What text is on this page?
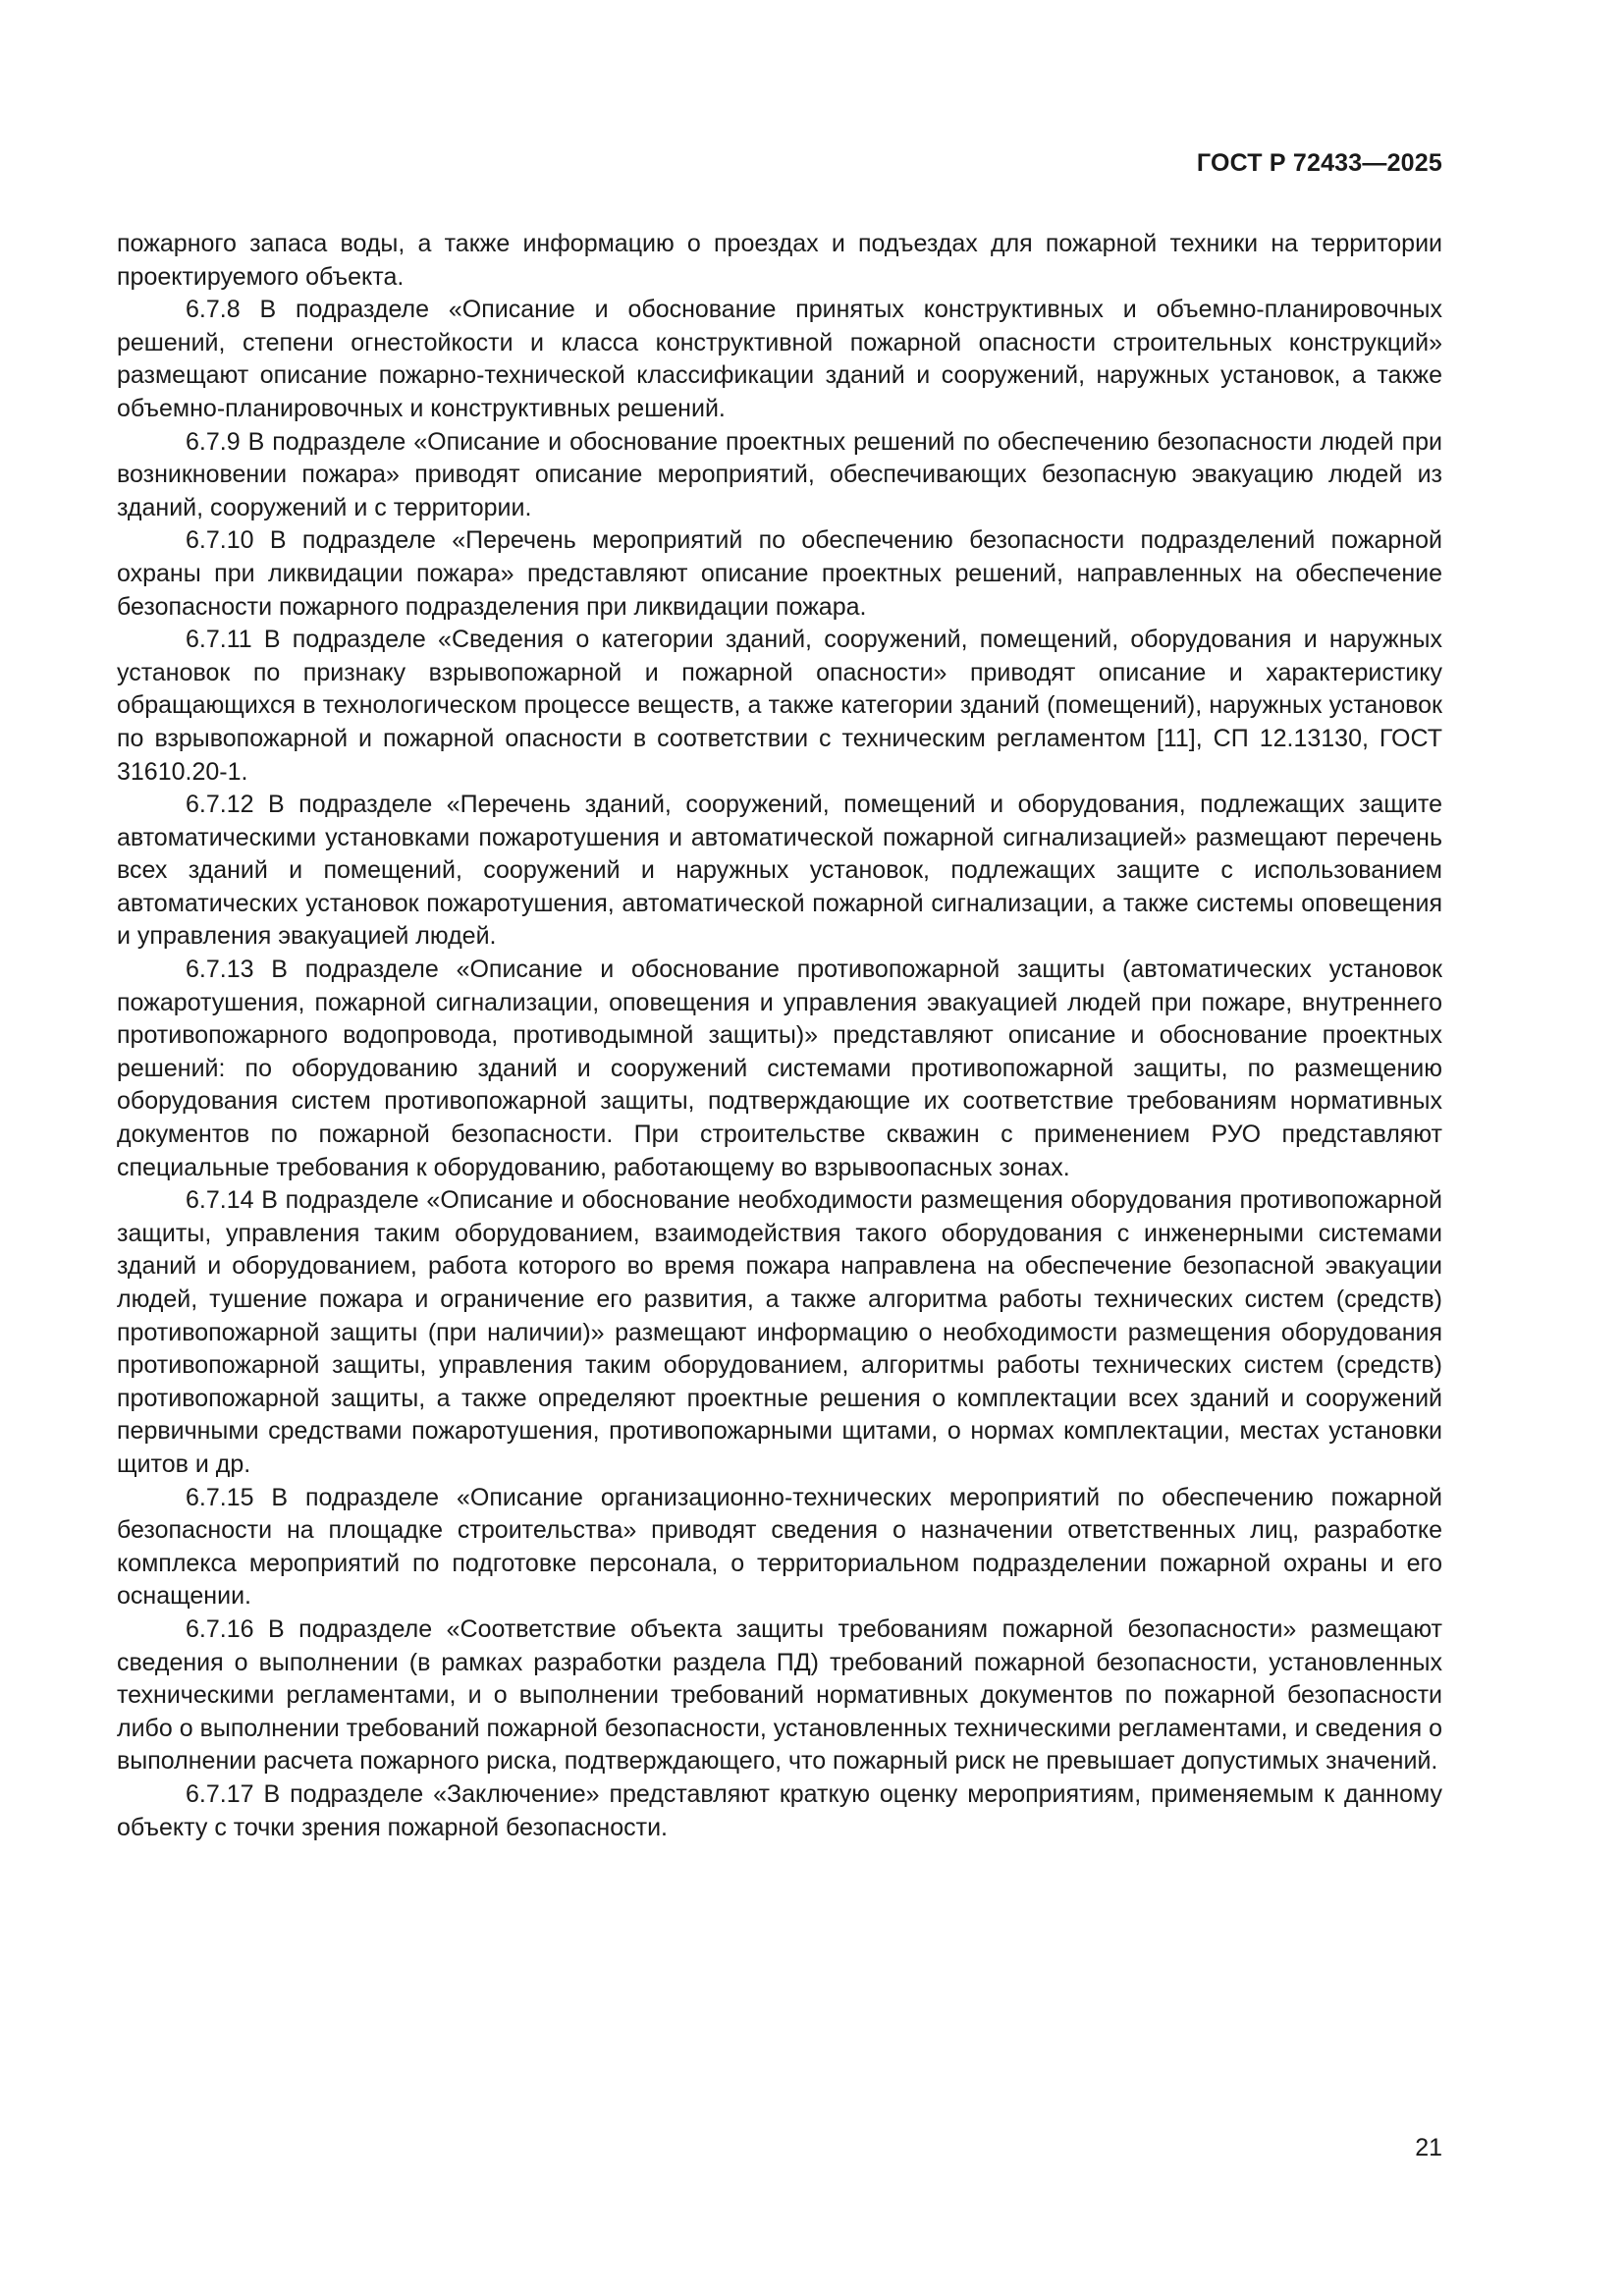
ГОСТ Р 72433—2025

пожарного запаса воды, а также информацию о проездах и подъездах для пожарной техники на территории проектируемого объекта.

6.7.8 В подразделе «Описание и обоснование принятых конструктивных и объемно-планировочных решений, степени огнестойкости и класса конструктивной пожарной опасности строительных конструкций» размещают описание пожарно-технической классификации зданий и сооружений, наружных установок, а также объемно-планировочных и конструктивных решений.

6.7.9 В подразделе «Описание и обоснование проектных решений по обеспечению безопасности людей при возникновении пожара» приводят описание мероприятий, обеспечивающих безопасную эвакуацию людей из зданий, сооружений и с территории.

6.7.10 В подразделе «Перечень мероприятий по обеспечению безопасности подразделений пожарной охраны при ликвидации пожара» представляют описание проектных решений, направленных на обеспечение безопасности пожарного подразделения при ликвидации пожара.

6.7.11 В подразделе «Сведения о категории зданий, сооружений, помещений, оборудования и наружных установок по признаку взрывопожарной и пожарной опасности» приводят описание и характеристику обращающихся в технологическом процессе веществ, а также категории зданий (помещений), наружных установок по взрывопожарной и пожарной опасности в соответствии с техническим регламентом [11], СП 12.13130, ГОСТ 31610.20-1.

6.7.12 В подразделе «Перечень зданий, сооружений, помещений и оборудования, подлежащих защите автоматическими установками пожаротушения и автоматической пожарной сигнализацией» размещают перечень всех зданий и помещений, сооружений и наружных установок, подлежащих защите с использованием автоматических установок пожаротушения, автоматической пожарной сигнализации, а также системы оповещения и управления эвакуацией людей.

6.7.13 В подразделе «Описание и обоснование противопожарной защиты (автоматических установок пожаротушения, пожарной сигнализации, оповещения и управления эвакуацией людей при пожаре, внутреннего противопожарного водопровода, противодымной защиты)» представляют описание и обоснование проектных решений: по оборудованию зданий и сооружений системами противопожарной защиты, по размещению оборудования систем противопожарной защиты, подтверждающие их соответствие требованиям нормативных документов по пожарной безопасности. При строительстве скважин с применением РУО представляют специальные требования к оборудованию, работающему во взрывоопасных зонах.

6.7.14 В подразделе «Описание и обоснование необходимости размещения оборудования противопожарной защиты, управления таким оборудованием, взаимодействия такого оборудования с инженерными системами зданий и оборудованием, работа которого во время пожара направлена на обеспечение безопасной эвакуации людей, тушение пожара и ограничение его развития, а также алгоритма работы технических систем (средств) противопожарной защиты (при наличии)» размещают информацию о необходимости размещения оборудования противопожарной защиты, управления таким оборудованием, алгоритмы работы технических систем (средств) противопожарной защиты, а также определяют проектные решения о комплектации всех зданий и сооружений первичными средствами пожаротушения, противопожарными щитами, о нормах комплектации, местах установки щитов и др.

6.7.15 В подразделе «Описание организационно-технических мероприятий по обеспечению пожарной безопасности на площадке строительства» приводят сведения о назначении ответственных лиц, разработке комплекса мероприятий по подготовке персонала, о территориальном подразделении пожарной охраны и его оснащении.

6.7.16 В подразделе «Соответствие объекта защиты требованиям пожарной безопасности» размещают сведения о выполнении (в рамках разработки раздела ПД) требований пожарной безопасности, установленных техническими регламентами, и о выполнении требований нормативных документов по пожарной безопасности либо о выполнении требований пожарной безопасности, установленных техническими регламентами, и сведения о выполнении расчета пожарного риска, подтверждающего, что пожарный риск не превышает допустимых значений.

6.7.17 В подразделе «Заключение» представляют краткую оценку мероприятиям, применяемым к данному объекту с точки зрения пожарной безопасности.

21
